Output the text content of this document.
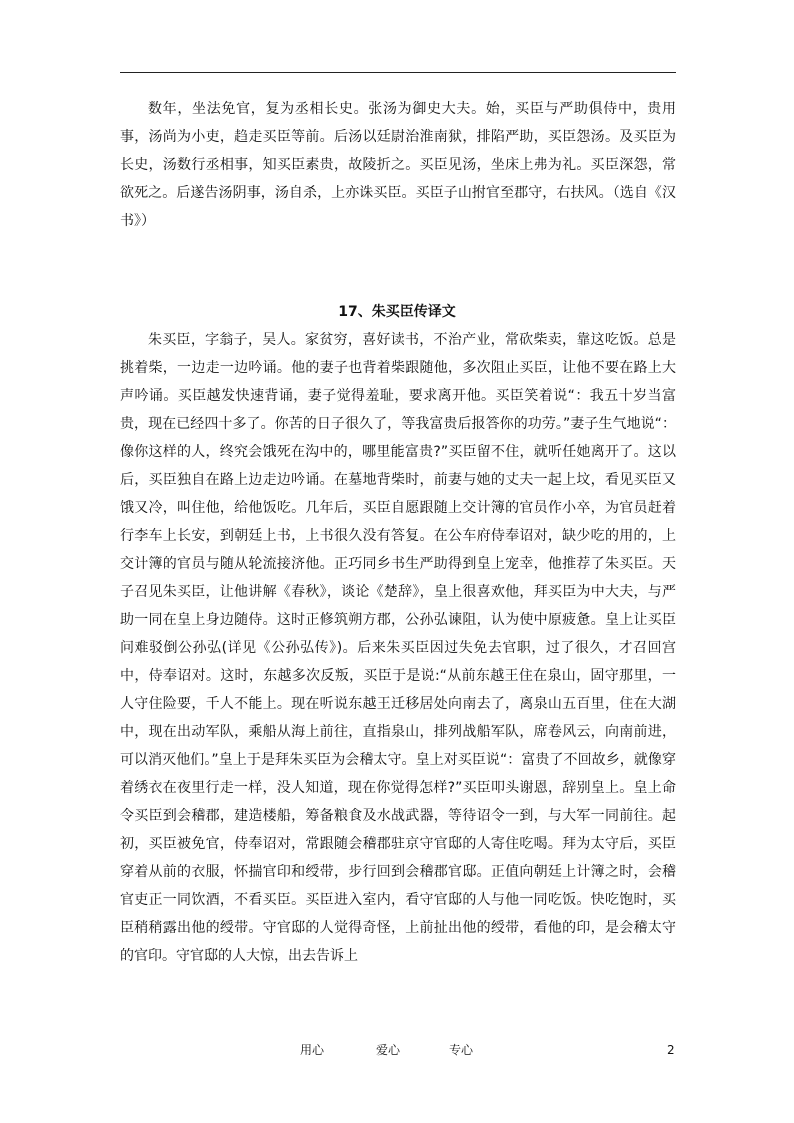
数年，坐法免官，复为丞相长史。张汤为御史大夫。始，买臣与严助俱侍中，贵用事，汤尚为小吏，趋走买臣等前。后汤以廷尉治淮南狱，排陷严助，买臣怨汤。及买臣为长史，汤数行丞相事，知买臣素贵，故陵折之。买臣见汤，坐床上弗为礼。买臣深怨，常欲死之。后遂告汤阴事，汤自杀，上亦诛买臣。买臣子山拊官至郡守，右扶风。（选自《汉书》）

17、朱买臣传译文

朱买臣，字翁子，吴人。家贫穷，喜好读书，不治产业，常砍柴卖，靠这吃饭。总是挑着柴，一边走一边吟诵。他的妻子也背着柴跟随他，多次阻止买臣，让他不要在路上大声吟诵。买臣越发快速背诵，妻子觉得羞耻，要求离开他。买臣笑着说“：我五十岁当富贵，现在已经四十多了。你苦的日子很久了，等我富贵后报答你的功劳。”妻子生气地说“：像你这样的人，终究会饿死在沟中的，哪里能富贵?”买臣留不住，就听任她离开了。这以后，买臣独自在路上边走边吟诵。在墓地背柴时，前妻与她的丈夫一起上坟，看见买臣又饿又冷，叫住他，给他饭吃。几年后，买臣自愿跟随上交计簿的官员作小卒，为官员赶着行李车上长安，到朝廷上书，上书很久没有答复。在公车府侍奉诏对，缺少吃的用的，上交计簿的官员与随从轮流接济他。正巧同乡书生严助得到皇上宠幸，他推荐了朱买臣。天子召见朱买臣，让他讲解《春秋》，谈论《楚辞》，皇上很喜欢他，拜买臣为中大夫，与严助一同在皇上身边随侍。这时正修筑朔方郡，公孙弘谏阻，认为使中原疲惫。皇上让买臣问难驳倒公孙弘(详见《公孙弘传》)。后来朱买臣因过失免去官职，过了很久，才召回宫中，侍奉诏对。这时，东越多次反叛，买臣于是说:“从前东越王住在泉山，固守那里，一人守住险要，千人不能上。现在听说东越王迁移居处向南去了，离泉山五百里，住在大湖中，现在出动军队，乘船从海上前往，直指泉山，排列战船军队，席卷风云，向南前进，可以消灭他们。”皇上于是拜朱买臣为会稽太守。皇上对买臣说“：富贵了不回故乡，就像穿着绣衣在夜里行走一样，没人知道，现在你觉得怎样?”买臣叩头谢恩，辞别皇上。皇上命令买臣到会稽郡，建造楼船，筹备粮食及水战武器，等待诏令一到，与大军一同前往。起初，买臣被免官，侍奉诏对，常跟随会稽郡驻京守官邸的人寄住吃喝。拜为太守后，买臣穿着从前的衣服，怀揣官印和绶带，步行回到会稽郡官邸。正值向朝廷上计簿之时，会稽官吏正一同饮酒，不看买臣。买臣进入室内，看守官邸的人与他一同吃饭。快吃饱时，买臣稍稍露出他的绶带。守官邸的人觉得奇怪，上前扯出他的绶带，看他的印，是会稽太守的官印。守官邸的人大惊，出去告诉上

用心	爱心	专心	2
